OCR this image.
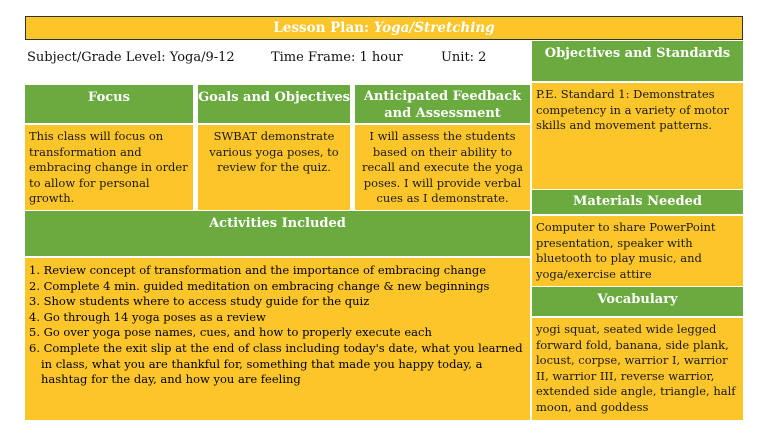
Lesson Plan: Yoga/Stretching
Subject/Grade Level: Yoga/9-12	Time Frame: 1 hour	Unit: 2
Focus	Goals and Objectives	Anticipated Feedback and Assessment
This class will focus on transformation and embracing change in order to allow for personal growth.
SWBAT demonstrate various yoga poses, to review for the quiz.
I will assess the students based on their ability to recall and execute the yoga poses. I will provide verbal cues as I demonstrate.
Activities Included
1. Review concept of transformation and the importance of embracing change
2. Complete 4 min. guided meditation on embracing change & new beginnings
3. Show students where to access study guide for the quiz
4. Go through 14 yoga poses as a review
5. Go over yoga pose names, cues, and how to properly execute each
6. Complete the exit slip at the end of class including today's date, what you learned in class, what you are thankful for, something that made you happy today, a hashtag for the day, and how you are feeling
Objectives and Standards
P.E. Standard 1: Demonstrates competency in a variety of motor skills and movement patterns.
Materials Needed
Computer to share PowerPoint presentation, speaker with bluetooth to play music, and yoga/exercise attire
Vocabulary
yogi squat, seated wide legged forward fold, banana, side plank, locust, corpse, warrior I, warrior II, warrior III, reverse warrior, extended side angle, triangle, half moon, and goddess
